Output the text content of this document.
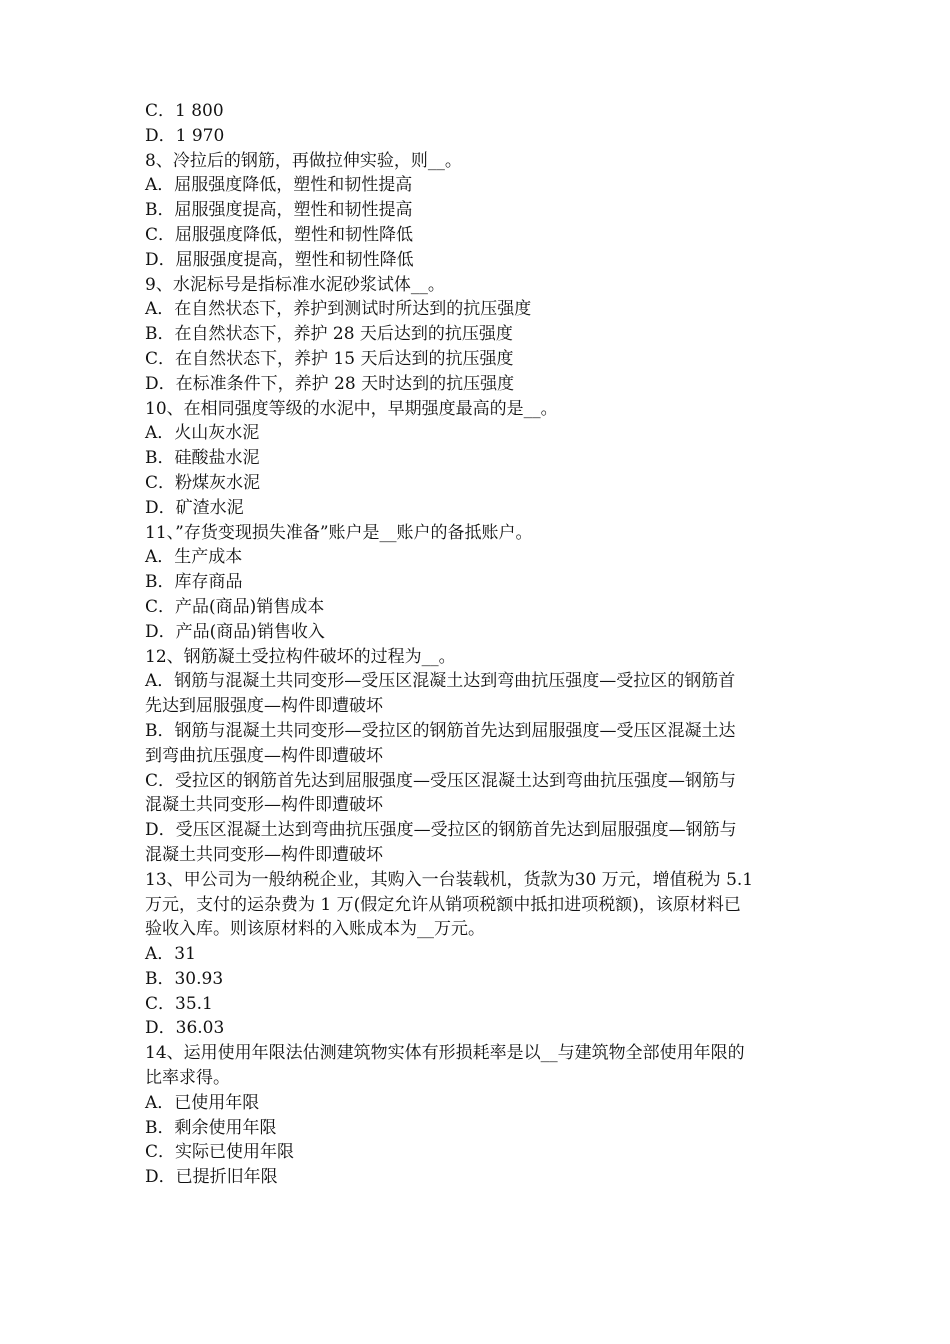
C．1 800
D．1 970
8、冷拉后的钢筋，再做拉伸实验，则__。
A．屈服强度降低，塑性和韧性提高
B．屈服强度提高，塑性和韧性提高
C．屈服强度降低，塑性和韧性降低
D．屈服强度提高，塑性和韧性降低
9、水泥标号是指标准水泥砂浆试体__。
A．在自然状态下，养护到测试时所达到的抗压强度
B．在自然状态下，养护 28 天后达到的抗压强度
C．在自然状态下，养护 15 天后达到的抗压强度
D．在标准条件下，养护 28 天时达到的抗压强度
10、在相同强度等级的水泥中，早期强度最高的是__。
A．火山灰水泥
B．硅酸盐水泥
C．粉煤灰水泥
D．矿渣水泥
11、”存货变现损失准备”账户是__账户的备抵账户。
A．生产成本
B．库存商品
C．产品(商品)销售成本
D．产品(商品)销售收入
12、钢筋凝土受拉构件破坏的过程为__。
A．钢筋与混凝土共同变形—受压区混凝土达到弯曲抗压强度—受拉区的钢筋首
先达到屈服强度—构件即遭破坏
B．钢筋与混凝土共同变形—受拉区的钢筋首先达到屈服强度—受压区混凝土达
到弯曲抗压强度—构件即遭破坏
C．受拉区的钢筋首先达到屈服强度—受压区混凝土达到弯曲抗压强度—钢筋与
混凝土共同变形—构件即遭破坏
D．受压区混凝土达到弯曲抗压强度—受拉区的钢筋首先达到屈服强度—钢筋与
混凝土共同变形—构件即遭破坏
13、甲公司为一般纳税企业，其购入一台装载机，货款为30 万元，增值税为 5.1
万元，支付的运杂费为 1 万(假定允许从销项税额中抵扣进项税额)，该原材料已
验收入库。则该原材料的入账成本为__万元。
A．31
B．30.93
C．35.1
D．36.03
14、运用使用年限法估测建筑物实体有形损耗率是以__与建筑物全部使用年限的
比率求得。
A．已使用年限
B．剩余使用年限
C．实际已使用年限
D．已提折旧年限
